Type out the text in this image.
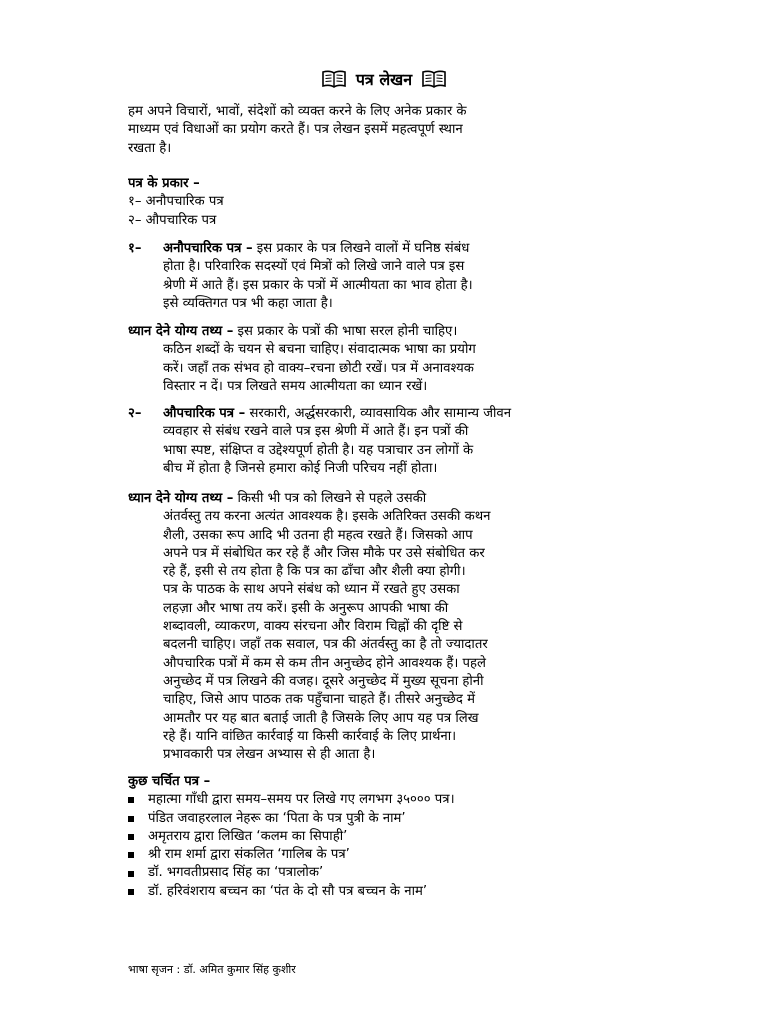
पत्र लेखन
हम अपने विचारों, भावों, संदेशों को व्यक्त करने के लिए अनेक प्रकार के
माध्यम एवं विधाओं का प्रयोग करते हैं। पत्र लेखन इसमें महत्वपूर्ण स्थान
रखता है।
पत्र के प्रकार –
१– अनौपचारिक पत्र
२– औपचारिक पत्र
१– अनौपचारिक पत्र – इस प्रकार के पत्र लिखने वालों में घनिष्ठ संबंध
होता है। परिवारिक सदस्यों एवं मित्रों को लिखे जाने वाले पत्र इस
श्रेणी में आते हैं। इस प्रकार के पत्रों में आत्मीयता का भाव होता है।
इसे व्यक्तिगत पत्र भी कहा जाता है।
ध्यान देने योग्य तथ्य – इस प्रकार के पत्रों की भाषा सरल होनी चाहिए।
कठिन शब्दों के चयन से बचना चाहिए। संवादात्मक भाषा का प्रयोग
करें। जहाँ तक संभव हो वाक्य–रचना छोटी रखें। पत्र में अनावश्यक
विस्तार न दें। पत्र लिखते समय आत्मीयता का ध्यान रखें।
२– औपचारिक पत्र – सरकारी, अर्द्धसरकारी, व्यावसायिक और सामान्य जीवन
व्यवहार से संबंध रखने वाले पत्र इस श्रेणी में आते हैं। इन पत्रों की
भाषा स्पष्ट, संक्षिप्त व उद्देश्यपूर्ण होती है। यह पत्राचार उन लोगों के
बीच में होता है जिनसे हमारा कोई निजी परिचय नहीं होता।
ध्यान देने योग्य तथ्य – किसी भी पत्र को लिखने से पहले उसकी
अंतर्वस्तु तय करना अत्यंत आवश्यक है। इसके अतिरिक्त उसकी कथन
शैली, उसका रूप आदि भी उतना ही महत्व रखते हैं। जिसको आप
अपने पत्र में संबोधित कर रहे हैं और जिस मौके पर उसे संबोधित कर
रहे हैं, इसी से तय होता है कि पत्र का ढाँचा और शैली क्या होगी।
पत्र के पाठक के साथ अपने संबंध को ध्यान में रखते हुए उसका
लहज़ा और भाषा तय करें। इसी के अनुरूप आपकी भाषा की
शब्दावली, व्याकरण, वाक्य संरचना और विराम चिह्नों की दृष्टि से
बदलनी चाहिए। जहाँ तक सवाल, पत्र की अंतर्वस्तु का है तो ज्यादातर
औपचारिक पत्रों में कम से कम तीन अनुच्छेद होने आवश्यक हैं। पहले
अनुच्छेद में पत्र लिखने की वजह। दूसरे अनुच्छेद में मुख्य सूचना होनी
चाहिए, जिसे आप पाठक तक पहुँचाना चाहते हैं। तीसरे अनुच्छेद में
आमतौर पर यह बात बताई जाती है जिसके लिए आप यह पत्र लिख
रहे हैं। यानि वांछित कार्रवाई या किसी कार्रवाई के लिए प्रार्थना।
प्रभावकारी पत्र लेखन अभ्यास से ही आता है।
कुछ चर्चित पत्र –
महात्मा गाँधी द्वारा समय–समय पर लिखे गए लगभग ३५००० पत्र।
पंडित जवाहरलाल नेहरू का ‘पिता के पत्र पुत्री के नाम’
अमृतराय द्वारा लिखित ‘कलम का सिपाही’
श्री राम शर्मा द्वारा संकलित ‘गालिब के पत्र’
डॉ. भगवतीप्रसाद सिंह का ‘पत्रालोक’
डॉ. हरिवंशराय बच्चन का ‘पंत के दो सौ पत्र बच्चन के नाम’
भाषा सृजन : डॉ. अमित कुमार सिंह कुशीर
